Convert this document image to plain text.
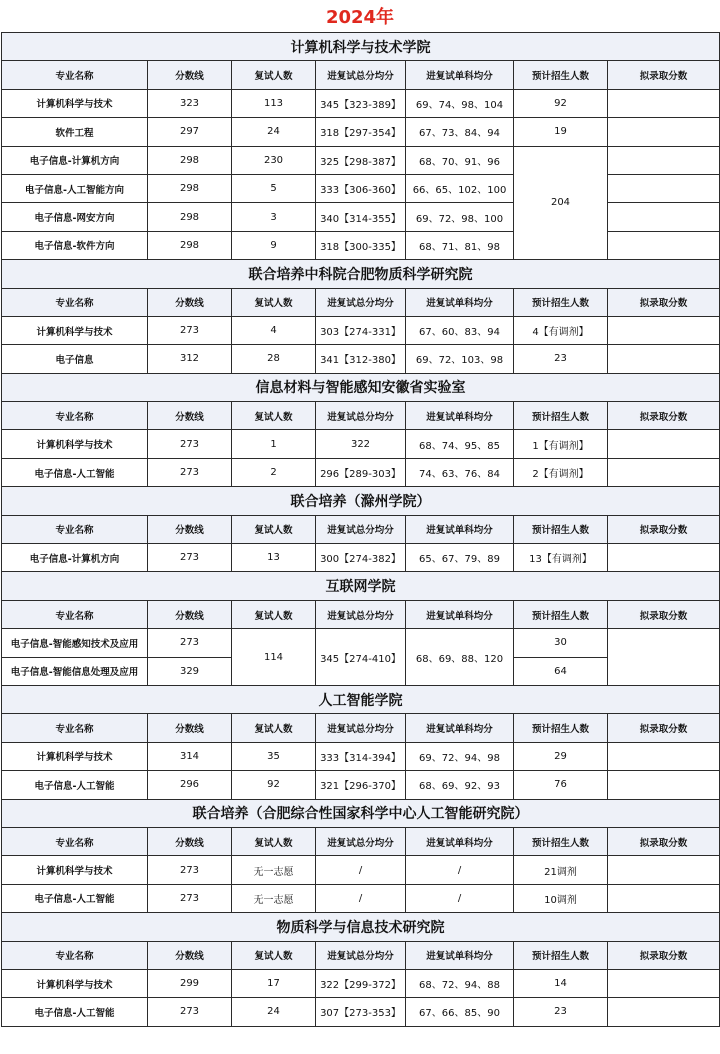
2024年
计算机科学与技术学院						
专业名称	分数线	复试人数	进复试总分均分	进复试单科均分	预计招生人数	拟录取分数
计算机科学与技术	323	113	345【323-389】	69、74、98、104	92	
软件工程	297	24	318【297-354】	67、73、84、94	19	
电子信息-计算机方向	298	230	325【298-387】	68、70、91、96	204	
电子信息-人工智能方向	298	5	333【306-360】	66、65、102、100		
电子信息-网安方向	298	3	340【314-355】	69、72、98、100		
电子信息-软件方向	298	9	318【300-335】	68、71、81、98		
联合培养中科院合肥物质科学研究院						
专业名称	分数线	复试人数	进复试总分均分	进复试单科均分	预计招生人数	拟录取分数
计算机科学与技术	273	4	303【274-331】	67、60、83、94	4【有调剂】	
电子信息	312	28	341【312-380】	69、72、103、98	23	
信息材料与智能感知安徽省实验室						
专业名称	分数线	复试人数	进复试总分均分	进复试单科均分	预计招生人数	拟录取分数
计算机科学与技术	273	1	322	68、74、95、85	1【有调剂】	
电子信息-人工智能	273	2	296【289-303】	74、63、76、84	2【有调剂】	
联合培养（滁州学院）						
专业名称	分数线	复试人数	进复试总分均分	进复试单科均分	预计招生人数	拟录取分数
电子信息-计算机方向	273	13	300【274-382】	65、67、79、89	13【有调剂】	
互联网学院						
专业名称	分数线	复试人数	进复试总分均分	进复试单科均分	预计招生人数	拟录取分数
电子信息-智能感知技术及应用	273	114	345【274-410】	68、69、88、120	30	
电子信息-智能信息处理及应用	329				64	
人工智能学院						
专业名称	分数线	复试人数	进复试总分均分	进复试单科均分	预计招生人数	拟录取分数
计算机科学与技术	314	35	333【314-394】	69、72、94、98	29	
电子信息-人工智能	296	92	321【296-370】	68、69、92、93	76	
联合培养（合肥综合性国家科学中心人工智能研究院）						
专业名称	分数线	复试人数	进复试总分均分	进复试单科均分	预计招生人数	拟录取分数
计算机科学与技术	273	无一志愿	/	/	21调剂	
电子信息-人工智能	273	无一志愿	/	/	10调剂	
物质科学与信息技术研究院						
专业名称	分数线	复试人数	进复试总分均分	进复试单科均分	预计招生人数	拟录取分数
计算机科学与技术	299	17	322【299-372】	68、72、94、88	14	
电子信息-人工智能	273	24	307【273-353】	67、66、85、90	23	
